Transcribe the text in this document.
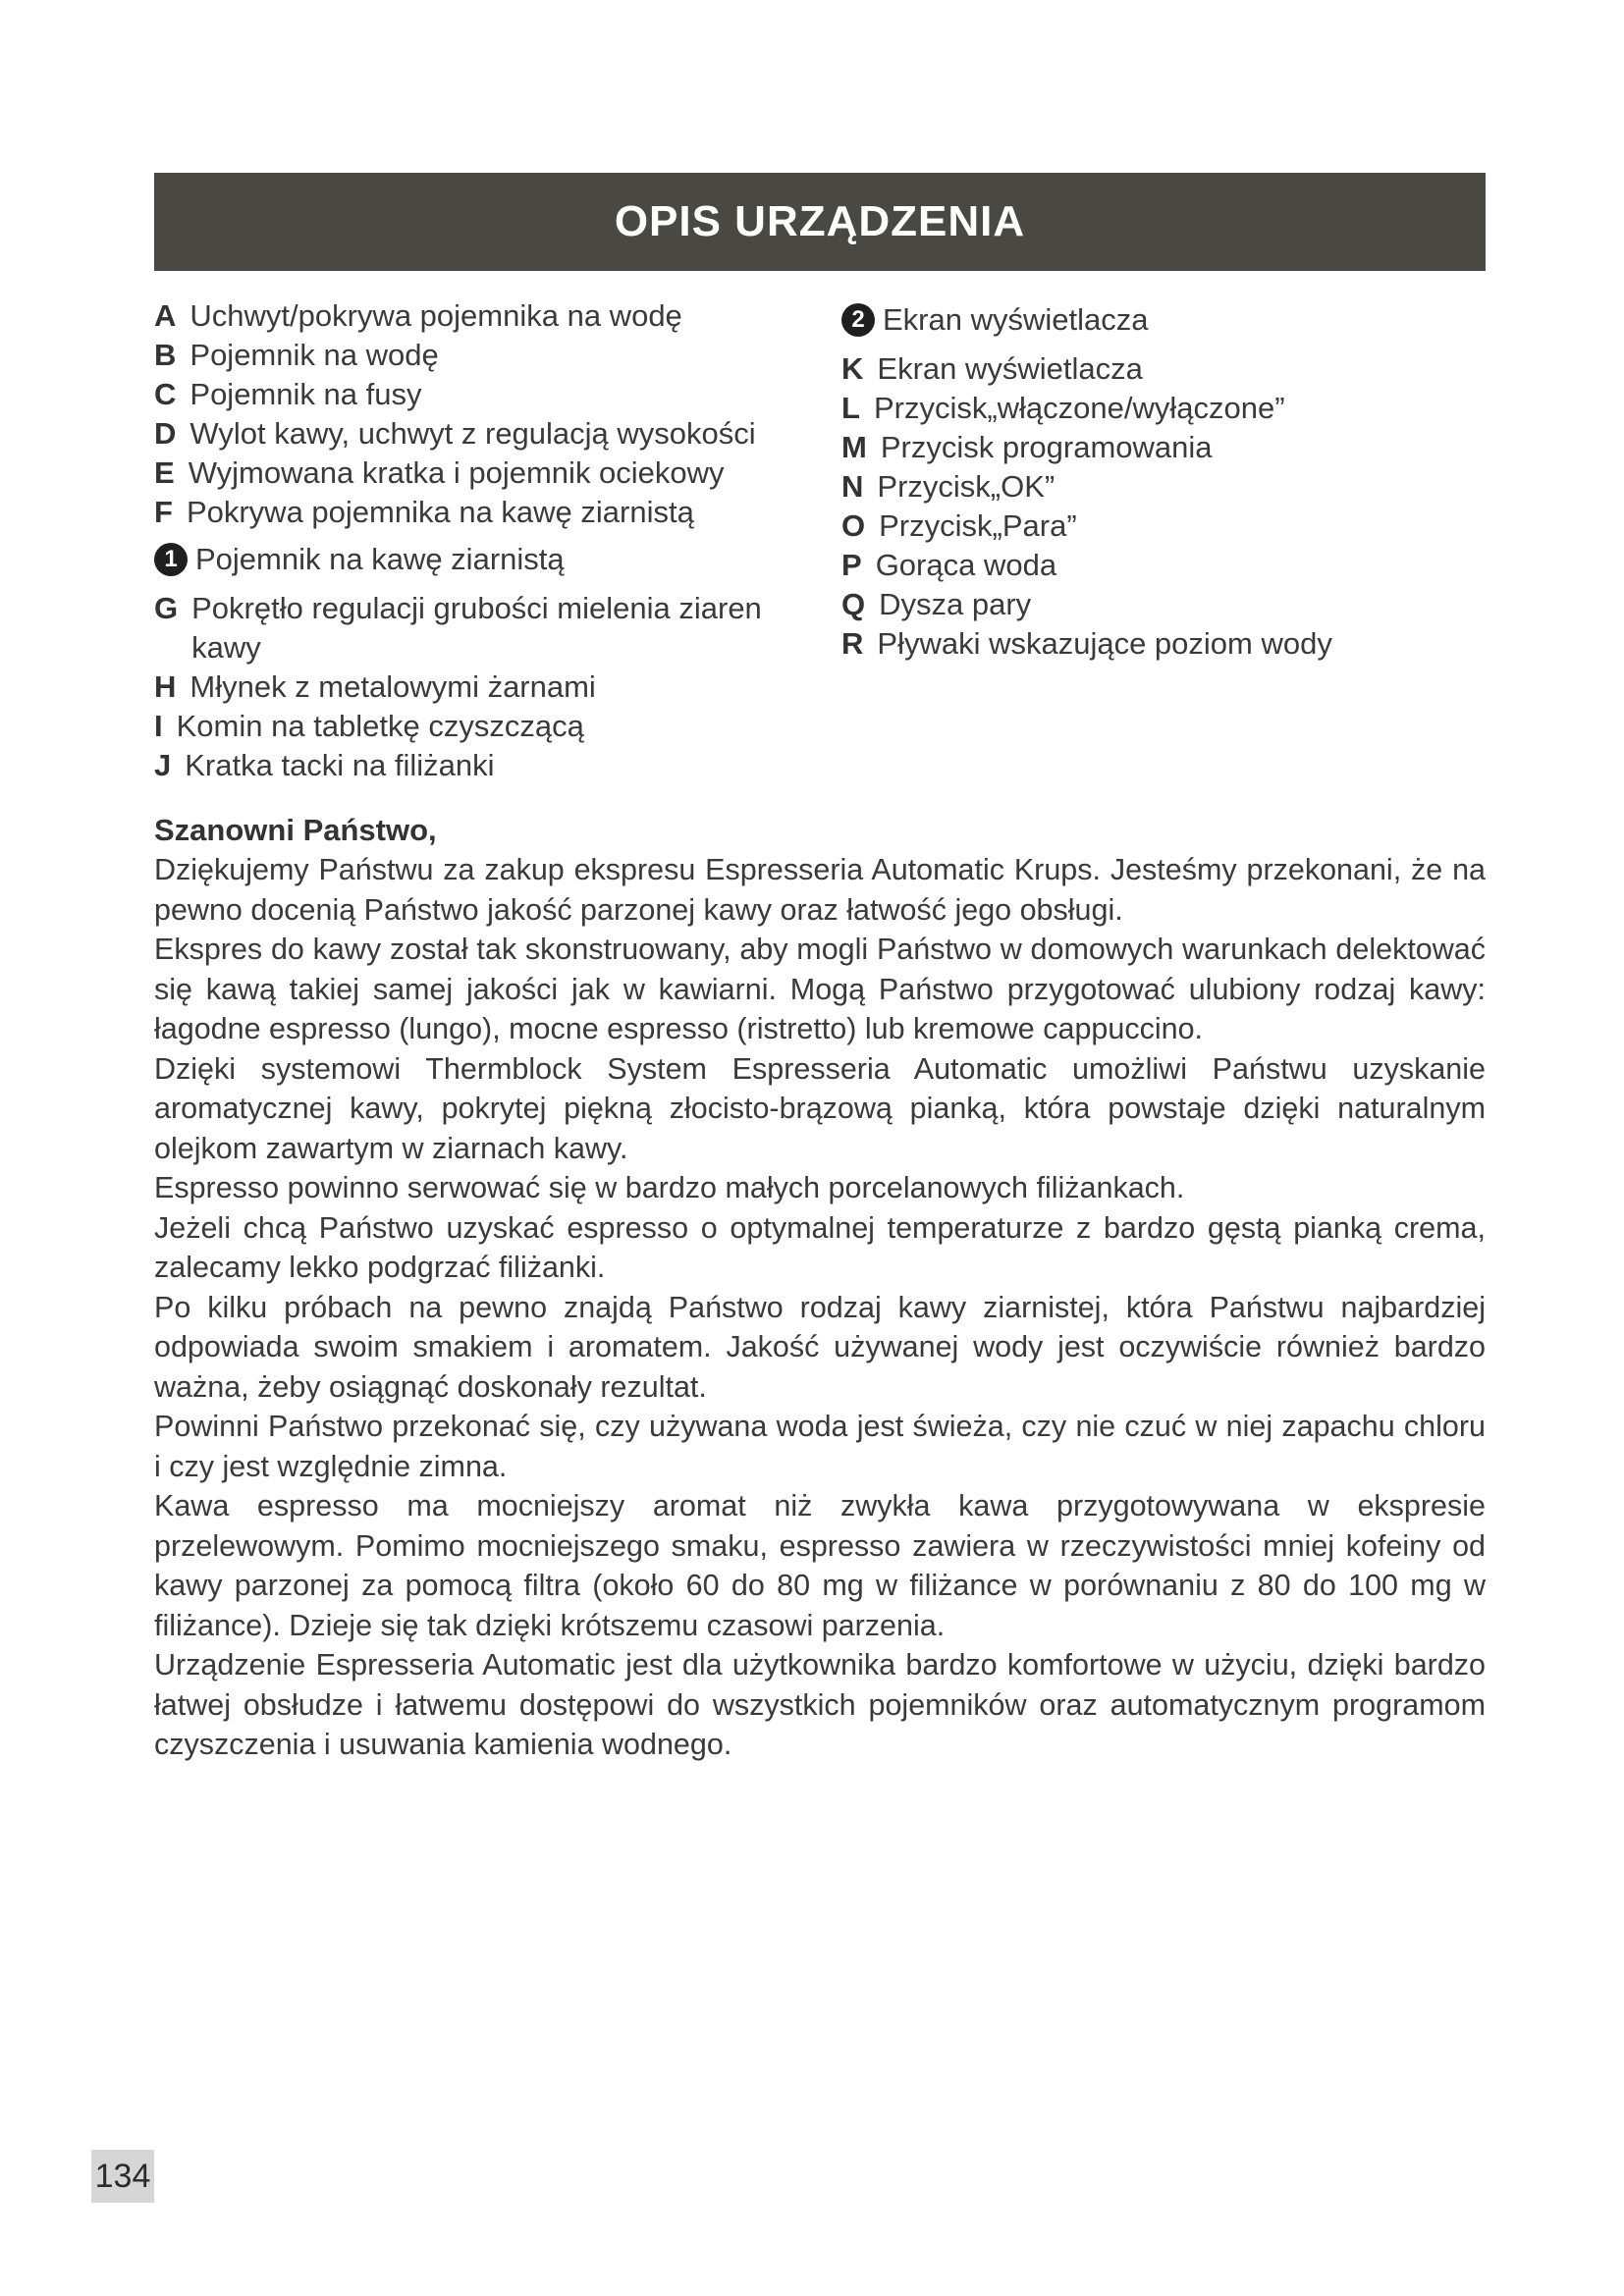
OPIS URZĄDZENIA
A Uchwyt/pokrywa pojemnika na wodę
B Pojemnik na wodę
C Pojemnik na fusy
D Wylot kawy, uchwyt z regulacją wysokości
E Wyjmowana kratka i pojemnik ociekowy
F Pokrywa pojemnika na kawę ziarnistą
1 Pojemnik na kawę ziarnistą
G Pokrętło regulacji grubości mielenia ziaren kawy
H Młynek z metalowymi żarnami
I Komin na tabletkę czyszczącą
J Kratka tacki na filiżanki
2 Ekran wyświetlacza
K Ekran wyświetlacza
L Przycisk„włączone/wyłączone”
M Przycisk programowania
N Przycisk„OK”
O Przycisk„Para”
P Gorąca woda
Q Dysza pary
R Pływaki wskazujące poziom wody
Szanowni Państwo,

Dziękujemy Państwu za zakup ekspresu Espresseria Automatic Krups. Jesteśmy przekonani, że na pewno docenią Państwo jakość parzonej kawy oraz łatwość jego obsługi.

Ekspres do kawy został tak skonstruowany, aby mogli Państwo w domowych warunkach delektować się kawą takiej samej jakości jak w kawiarni. Mogą Państwo przygotować ulubiony rodzaj kawy: łagodne espresso (lungo), mocne espresso (ristretto) lub kremowe cappuccino.

Dzięki systemowi Thermblock System Espresseria Automatic umożliwi Państwu uzyskanie aromatycznej kawy, pokrytej piękną złocisto-brązową pianką, która powstaje dzięki naturalnym olejkom zawartym w ziarnach kawy.

Espresso powinno serwować się w bardzo małych porcelanowych filiżankach.

Jeżeli chcą Państwo uzyskać espresso o optymalnej temperaturze z bardzo gęstą pianką crema, zalecamy lekko podgrzać filiżanki.

Po kilku próbach na pewno znajdą Państwo rodzaj kawy ziarnistej, która Państwu najbardziej odpowiada swoim smakiem i aromatem. Jakość używanej wody jest oczywiście również bardzo ważna, żeby osiągnąć doskonały rezultat.

Powinni Państwo przekonać się, czy używana woda jest świeża, czy nie czuć w niej zapachu chloru i czy jest względnie zimna.

Kawa espresso ma mocniejszy aromat niż zwykła kawa przygotowywana w ekspresie przelewowym. Pomimo mocniejszego smaku, espresso zawiera w rzeczywistości mniej kofeiny od kawy parzonej za pomocą filtra (około 60 do 80 mg w filiżance w porównaniu z 80 do 100 mg w filiżance). Dzieje się tak dzięki krótszemu czasowi parzenia.

Urządzenie Espresseria Automatic jest dla użytkownika bardzo komfortowe w użyciu, dzięki bardzo łatwej obsłudze i łatwemu dostępowi do wszystkich pojemników oraz automatycznym programom czyszczenia i usuwania kamienia wodnego.

134
